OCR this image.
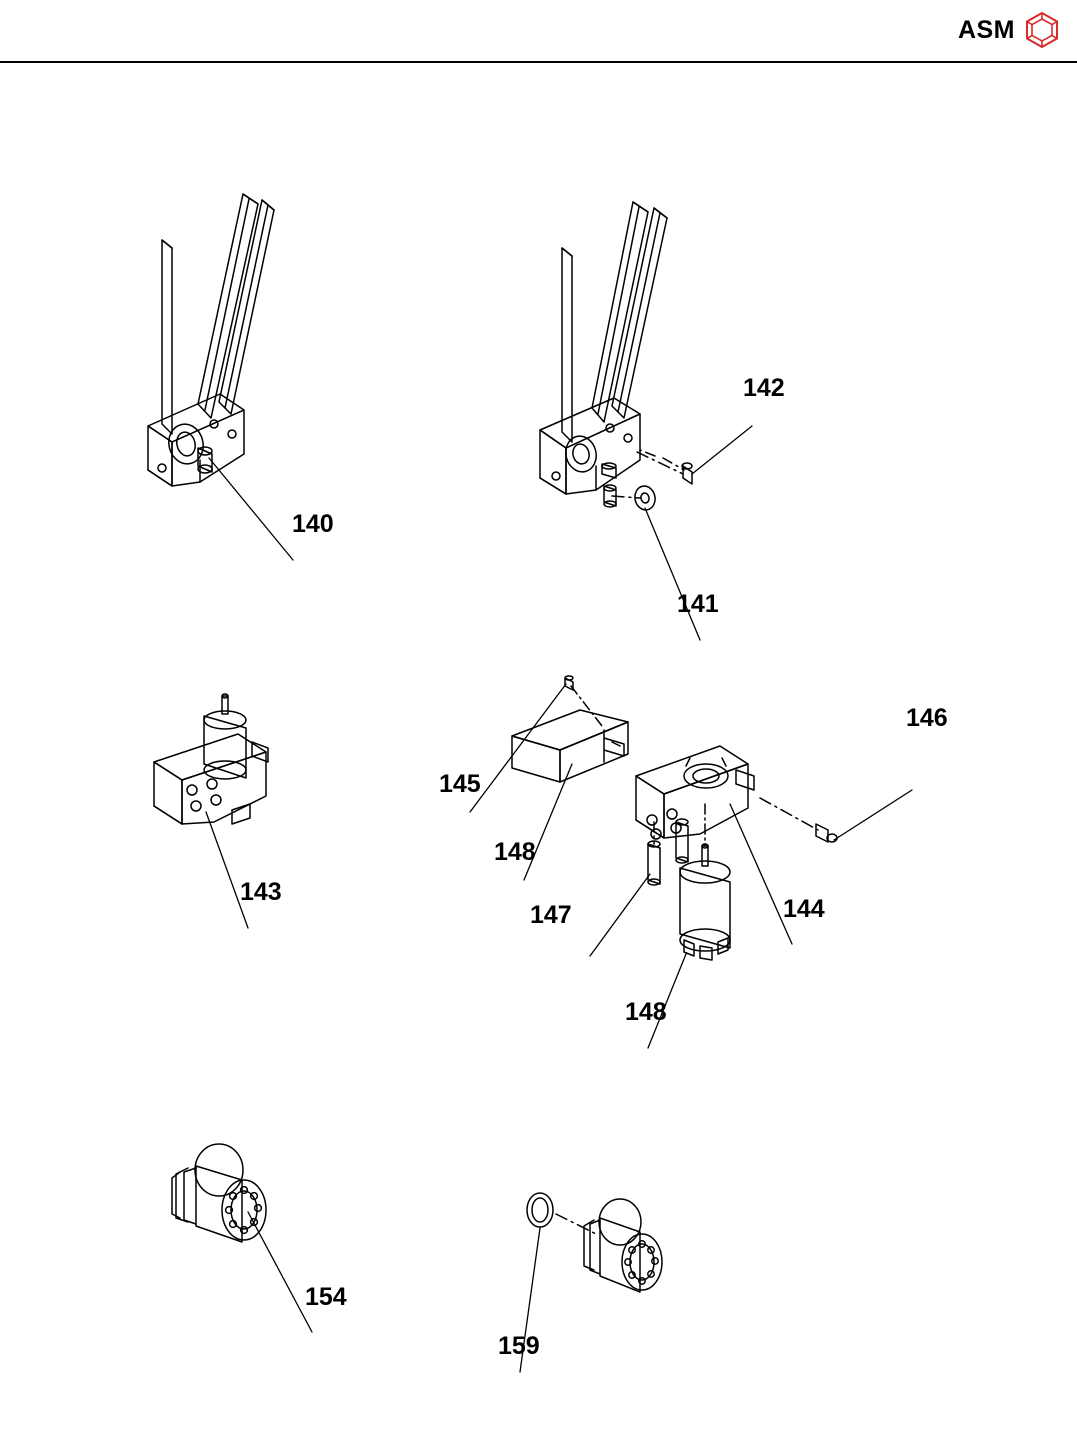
ASM
140
142
141
143
145
146
148
147	144
148
154
159
